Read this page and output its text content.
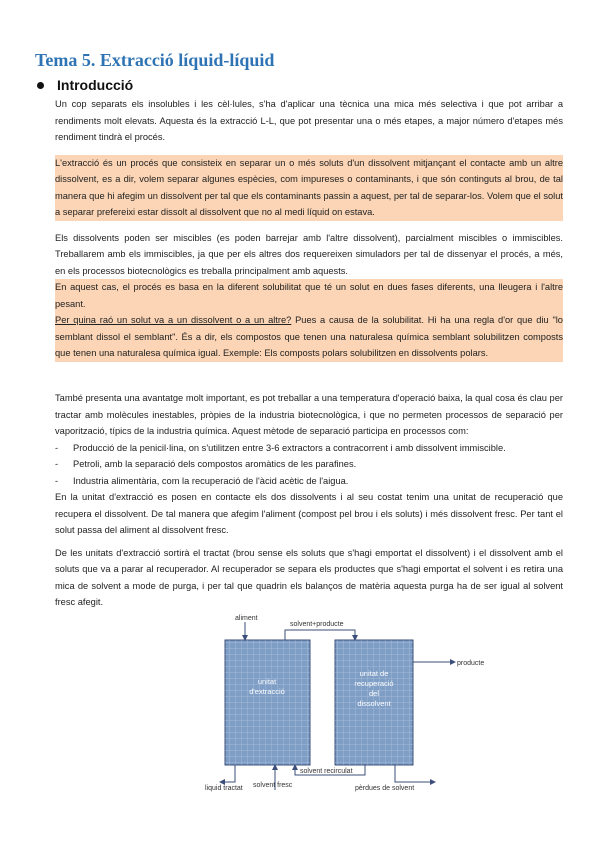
Tema 5. Extracció líquid-líquid
Introducció

Un cop separats els insolubles i les cèl·lules, s'ha d'aplicar una tècnica una mica més selectiva i que pot arribar a rendiments molt elevats. Aquesta és la extracció L-L, que pot presentar una o més etapes, a major número d'etapes més rendiment tindrà el procés.

L'extracció és un procés que consisteix en separar un o més soluts d'un dissolvent mitjançant el contacte amb un altre dissolvent, es a dir, volem separar algunes espècies, com impureses o contaminants, i que són continguts al brou, de tal manera que hi afegim un dissolvent per tal que els contaminants passin a aquest, per tal de separar-los. Volem que el solut a separar prefereixi estar dissolt al dissolvent que no al medi líquid on estava.

Els dissolvents poden ser miscibles (es poden barrejar amb l'altre dissolvent), parcialment miscibles o immiscibles. Treballarem amb els immiscibles, ja que per els altres dos requereixen simuladors per tal de dissenyar el procés, a més, en els processos biotecnològics es treballa principalment amb aquests.

En aquest cas, el procés es basa en la diferent solubilitat que té un solut en dues fases diferents, una lleugera i l'altre pesant.

Per quina raó un solut va a un dissolvent o a un altre? Pues a causa de la solubilitat. Hi ha una regla d'or que diu "lo semblant dissol el semblant". És a dir, els compostos que tenen una naturalesa química semblant solubilitzen composts que tenen una naturalesa química igual. Exemple: Els composts polars solubilitzen en dissolvents polars.

També presenta una avantatge molt important, es pot treballar a una temperatura d'operació baixa, la qual cosa és clau per tractar amb molècules inestables, pròpies de la industria biotecnològica, i que no permeten processos de separació per vaporització, típics de la industria química. Aquest mètode de separació participa en processos com:

- Producció de la penicil·lina, on s'utilitzen entre 3-6 extractors a contracorrent i amb dissolvent immiscible.
- Petroli, amb la separació dels compostos aromàtics de les parafines.
- Industria alimentària, com la recuperació de l'àcid acètic de l'aigua.

En la unitat d'extracció es posen en contacte els dos dissolvents i al seu costat tenim una unitat de recuperació que recupera el dissolvent. De tal manera que afegim l'aliment (compost pel brou i els soluts) i més dissolvent fresc. Per tant el solut passa del aliment al dissolvent fresc.

De les unitats d'extracció sortirà el tractat (brou sense els soluts que s'hagi emportat el dissolvent) i el dissolvent amb el soluts que va a parar al recuperador. Al recuperador se separa els productes que s'hagi emportat el solvent i es retira una mica de solvent a mode de purga, i per tal que quadrin els balanços de matèria aquesta purga ha de ser igual al solvent fresc afegit.

unitat
d'extracció
unitat de
recuperació
del
dissolvent
aliment
solvent+producte
producte
solvent recirculat
liquid tractat solvent fresc	pèrdues de solvent
